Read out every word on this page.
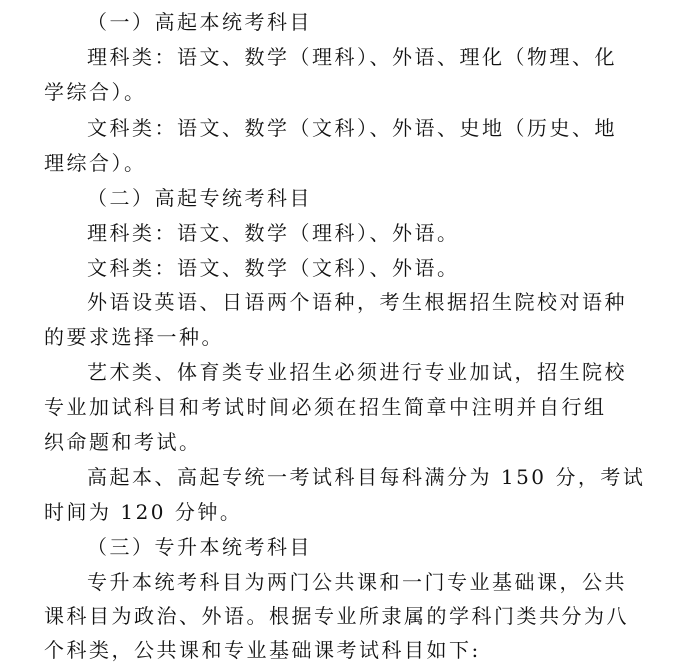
（一）高起本统考科目
理科类：语文、数学（理科）、外语、理化（物理、化
学综合）。
文科类：语文、数学（文科）、外语、史地（历史、地
理综合）。
（二）高起专统考科目
理科类：语文、数学（理科）、外语。
文科类：语文、数学（文科）、外语。
外语设英语、日语两个语种，考生根据招生院校对语种
的要求选择一种。
艺术类、体育类专业招生必须进行专业加试，招生院校
专业加试科目和考试时间必须在招生简章中注明并自行组
织命题和考试。
高起本、高起专统一考试科目每科满分为 150 分，考试
时间为 120 分钟。
（三）专升本统考科目
专升本统考科目为两门公共课和一门专业基础课，公共
课科目为政治、外语。根据专业所隶属的学科门类共分为八
个科类，公共课和专业基础课考试科目如下:
